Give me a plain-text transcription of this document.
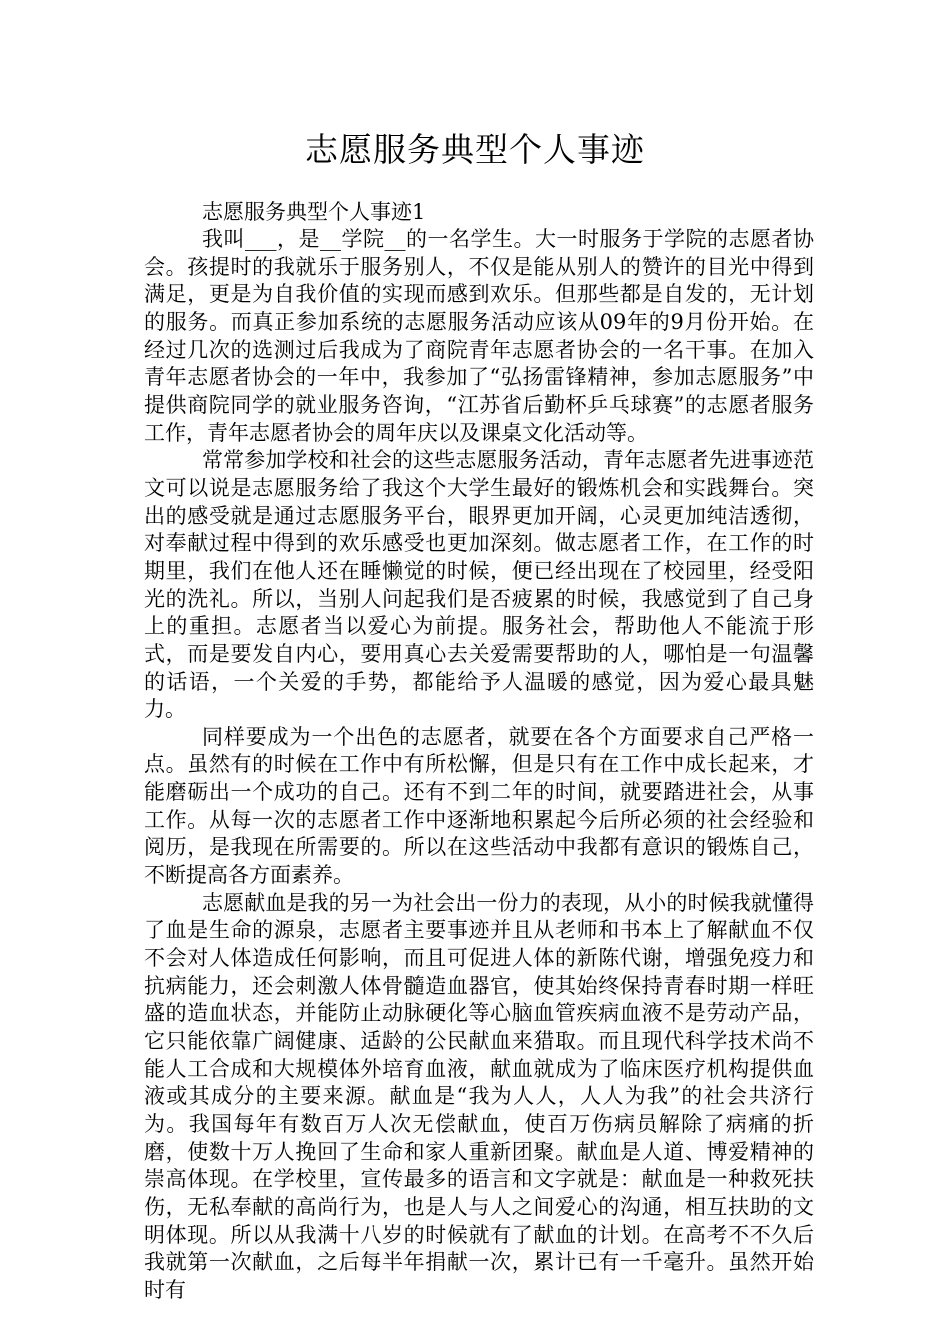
志愿服务典型个人事迹

志愿服务典型个人事迹1

我叫___，是__学院__的一名学生。大一时服务于学院的志愿者协会。孩提时的我就乐于服务别人，不仅是能从别人的赞许的目光中得到满足，更是为自我价值的实现而感到欢乐。但那些都是自发的，无计划的服务。而真正参加系统的志愿服务活动应该从09年的9月份开始。在经过几次的选测过后我成为了商院青年志愿者协会的一名干事。在加入青年志愿者协会的一年中，我参加了“弘扬雷锋精神，参加志愿服务”中提供商院同学的就业服务咨询，“江苏省后勤杯乒乓球赛”的志愿者服务工作，青年志愿者协会的周年庆以及课桌文化活动等。

常常参加学校和社会的这些志愿服务活动，青年志愿者先进事迹范文可以说是志愿服务给了我这个大学生最好的锻炼机会和实践舞台。突出的感受就是通过志愿服务平台，眼界更加开阔，心灵更加纯洁透彻，对奉献过程中得到的欢乐感受也更加深刻。做志愿者工作，在工作的时期里，我们在他人还在睡懒觉的时候，便已经出现在了校园里，经受阳光的洗礼。所以，当别人问起我们是否疲累的时候，我感觉到了自己身上的重担。志愿者当以爱心为前提。服务社会，帮助他人不能流于形式，而是要发自内心，要用真心去关爱需要帮助的人，哪怕是一句温馨的话语，一个关爱的手势，都能给予人温暖的感觉，因为爱心最具魅力。

同样要成为一个出色的志愿者，就要在各个方面要求自己严格一点。虽然有的时候在工作中有所松懈，但是只有在工作中成长起来，才能磨砺出一个成功的自己。还有不到二年的时间，就要踏进社会，从事工作。从每一次的志愿者工作中逐渐地积累起今后所必须的社会经验和阅历，是我现在所需要的。所以在这些活动中我都有意识的锻炼自己，不断提高各方面素养。

志愿献血是我的另一为社会出一份力的表现，从小的时候我就懂得了血是生命的源泉，志愿者主要事迹并且从老师和书本上了解献血不仅不会对人体造成任何影响，而且可促进人体的新陈代谢，增强免疫力和抗病能力，还会刺激人体骨髓造血器官，使其始终保持青春时期一样旺盛的造血状态，并能防止动脉硬化等心脑血管疾病血液不是劳动产品，它只能依靠广阔健康、适龄的公民献血来猎取。而且现代科学技术尚不能人工合成和大规模体外培育血液，献血就成为了临床医疗机构提供血液或其成分的主要来源。献血是“我为人人，人人为我”的社会共济行为。我国每年有数百万人次无偿献血，使百万伤病员解除了病痛的折磨，使数十万人挽回了生命和家人重新团聚。献血是人道、博爱精神的崇高体现。在学校里，宣传最多的语言和文字就是：献血是一种救死扶伤，无私奉献的高尚行为，也是人与人之间爱心的沟通，相互扶助的文明体现。所以从我满十八岁的时候就有了献血的计划。在高考不不久后我就第一次献血，之后每半年捐献一次，累计已有一千毫升。虽然开始时有
